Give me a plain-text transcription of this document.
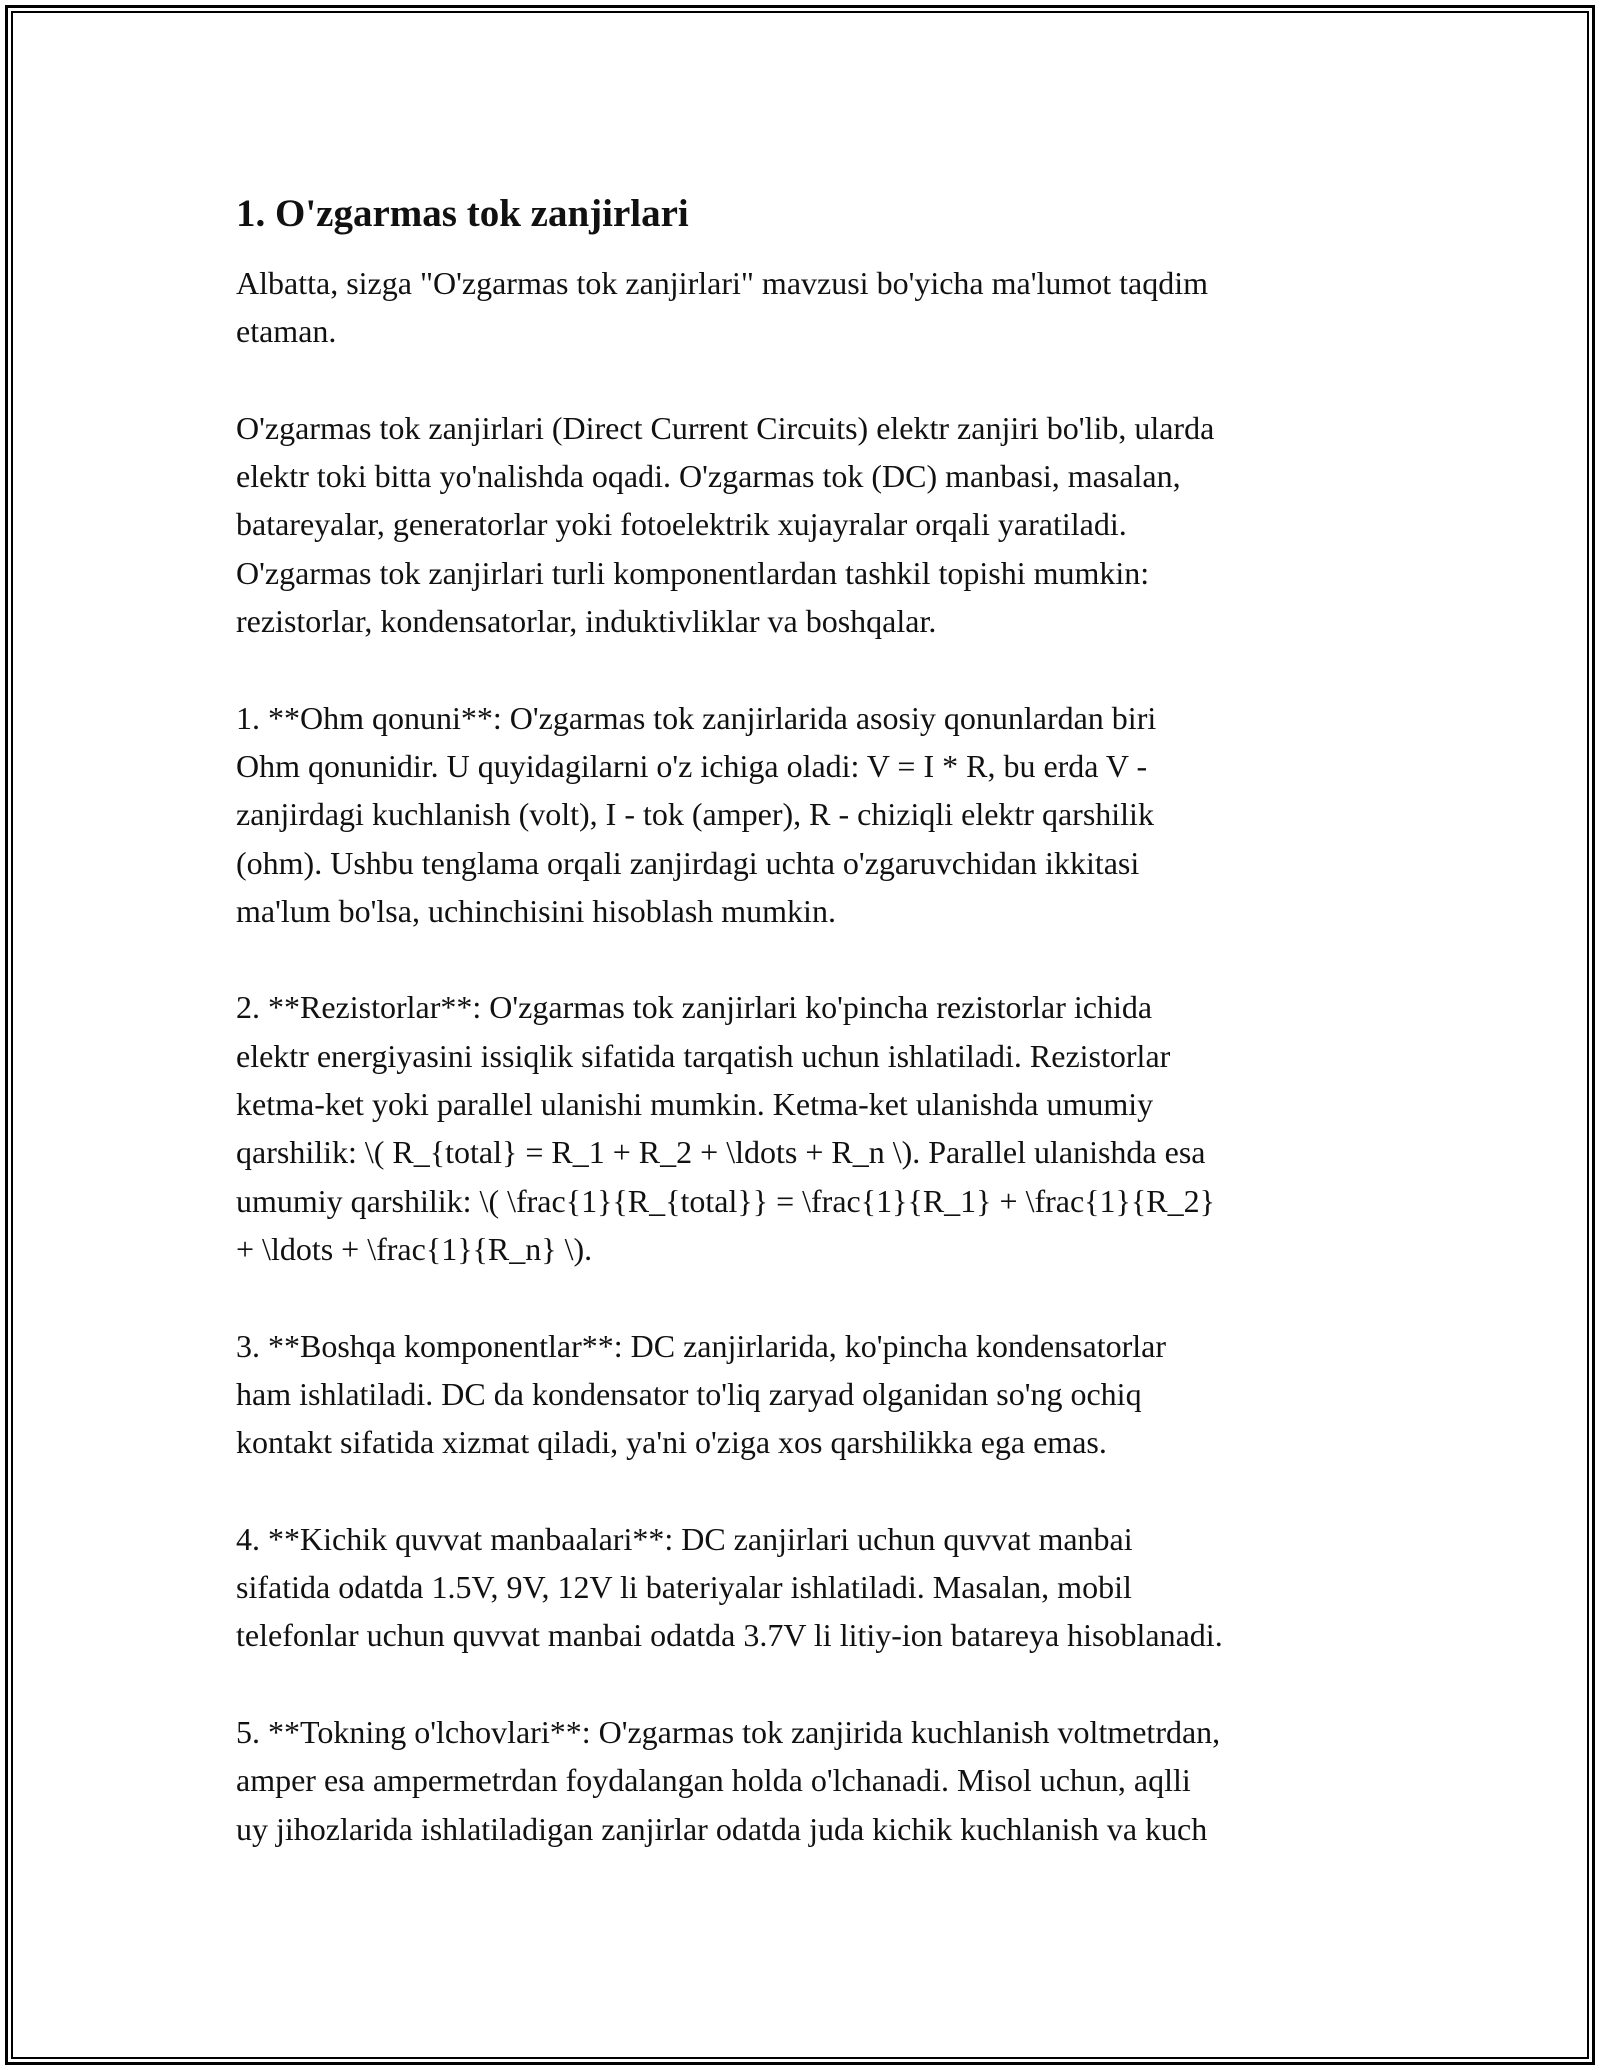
1. O'zgarmas tok zanjirlari

Albatta, sizga "O'zgarmas tok zanjirlari" mavzusi bo'yicha ma'lumot taqdim
etaman.

O'zgarmas tok zanjirlari (Direct Current Circuits) elektr zanjiri bo'lib, ularda
elektr toki bitta yo'nalishda oqadi. O'zgarmas tok (DC) manbasi, masalan,
batareyalar, generatorlar yoki fotoelektrik xujayralar orqali yaratiladi.
O'zgarmas tok zanjirlari turli komponentlardan tashkil topishi mumkin:
rezistorlar, kondensatorlar, induktivliklar va boshqalar.

1. **Ohm qonuni**: O'zgarmas tok zanjirlarida asosiy qonunlardan biri
Ohm qonunidir. U quyidagilarni o'z ichiga oladi: V = I * R, bu erda V -
zanjirdagi kuchlanish (volt), I - tok (amper), R - chiziqli elektr qarshilik
(ohm). Ushbu tenglama orqali zanjirdagi uchta o'zgaruvchidan ikkitasi
ma'lum bo'lsa, uchinchisini hisoblash mumkin.

2. **Rezistorlar**: O'zgarmas tok zanjirlari ko'pincha rezistorlar ichida
elektr energiyasini issiqlik sifatida tarqatish uchun ishlatiladi. Rezistorlar
ketma-ket yoki parallel ulanishi mumkin. Ketma-ket ulanishda umumiy
qarshilik: \( R_{total} = R_1 + R_2 + \ldots + R_n \). Parallel ulanishda esa
umumiy qarshilik: \( \frac{1}{R_{total}} = \frac{1}{R_1} + \frac{1}{R_2}
+ \ldots + \frac{1}{R_n} \).

3. **Boshqa komponentlar**: DC zanjirlarida, ko'pincha kondensatorlar
ham ishlatiladi. DC da kondensator to'liq zaryad olganidan so'ng ochiq
kontakt sifatida xizmat qiladi, ya'ni o'ziga xos qarshilikka ega emas.

4. **Kichik quvvat manbaalari**: DC zanjirlari uchun quvvat manbai
sifatida odatda 1.5V, 9V, 12V li bateriyalar ishlatiladi. Masalan, mobil
telefonlar uchun quvvat manbai odatda 3.7V li litiy-ion batareya hisoblanadi.

5. **Tokning o'lchovlari**: O'zgarmas tok zanjirida kuchlanish voltmetrdan,
amper esa ampermetrdan foydalangan holda o'lchanadi. Misol uchun, aqlli
uy jihozlarida ishlatiladigan zanjirlar odatda juda kichik kuchlanish va kuch
